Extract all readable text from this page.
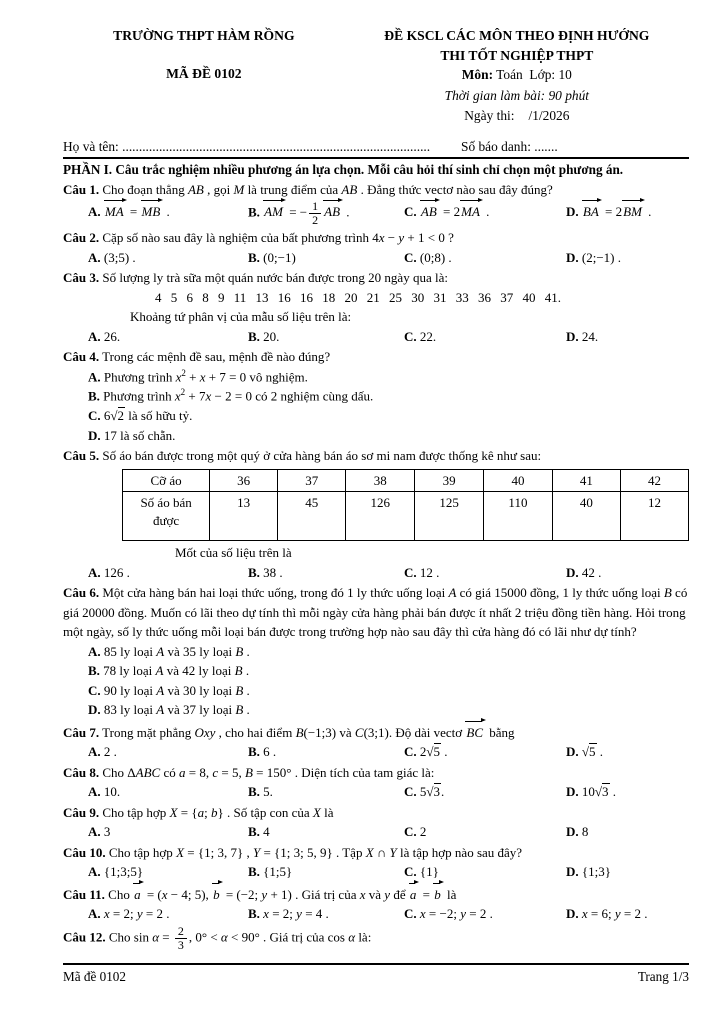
TRƯỜNG THPT HÀM RỒNG
MÃ ĐỀ 0102
ĐỀ KSCL CÁC MÔN THEO ĐỊNH HƯỚNG
THI TỐT NGHIỆP THPT
Môn: Toán  Lớp: 10
Thời gian làm bài: 90 phút
Ngày thi: /1/2026
Họ và tên: ............................................................................................	Số báo danh: .......
PHẦN I. Câu trắc nghiệm nhiều phương án lựa chọn. Mỗi câu hỏi thí sinh chỉ chọn một phương án.
Câu 1. Cho đoạn thẳng AB , gọi M là trung điểm của AB . Đẳng thức vectơ nào sau đây đúng?
A. MA = MB .	B. AM = − $\frac{1}{2}$ AB .	C. AB = 2MA .	D. BA = 2BM .
Câu 2. Cặp số nào sau đây là nghiệm của bất phương trình 4x − y + 1 < 0 ?
A. (3;5) .	B. (0;−1)	C. (0;8) .	D. (2;−1) .
Câu 3. Số lượng ly trà sữa một quán nước bán được trong 20 ngày qua là:
4 5 6 8 9 11 13 16 16 18 20 21 25 30 31 33 36 37 40 41.
Khoảng tứ phân vị của mẫu số liệu trên là:
A. 26.	B. 20.	C. 22.	D. 24.
Câu 4. Trong các mệnh đề sau, mệnh đề nào đúng?
A. Phương trình $x^2 + x + 7 = 0$ vô nghiệm.
B. Phương trình $x^2 + 7x - 2 = 0$ có 2 nghiệm cùng dấu.
C. 6 √ 2 là số hữu tỷ.
D. 17 là số chẵn.
Câu 5. Số áo bán được trong một quý ở cửa hàng bán áo sơ mi nam được thống kê như sau:
Cỡ áo	36	37	38	39	40	41	42
Số áo bán được	13	45	126	125	110	40	12
Mốt của số liệu trên là
A. 126 .	B. 38 .	C. 12 .	D. 42 .
Câu 6. Một cửa hàng bán hai loại thức uống, trong đó 1 ly thức uống loại A có giá 15000 đồng, 1 ly thức uống loại B có giá 20000 đồng. Muốn có lãi theo dự tính thì mỗi ngày cửa hàng phải bán được ít nhất 2 triệu đồng tiền hàng. Hỏi trong một ngày, số ly thức uống mỗi loại bán được trong trường hợp nào sau đây thì cửa hàng đó có lãi như dự tính?
A. 85 ly loại A và 35 ly loại B .
B. 78 ly loại A và 42 ly loại B .
C. 90 ly loại A và 30 ly loại B .
D. 83 ly loại A và 37 ly loại B .
Câu 7. Trong mặt phẳng Oxy , cho hai điểm B(−1;3) và C(3;1). Độ dài vectơ BC bằng
A. 2 .	B. 6 .	C. 2 √ 5 .	D. √ 5 .
Câu 8. Cho ΔABC có a = 8, c = 5, B = 150° . Diện tích của tam giác là:
A. 10.	B. 5.	C. 5 √ 3.	D. 10 √ 3 .
Câu 9. Cho tập hợp X = {a; b} . Số tập con của X là
A. 3	B. 4	C. 2	D. 8
Câu 10. Cho tập hợp X = {1; 3, 7} , Y = {1; 3; 5, 9} . Tập X ∩ Y là tập hợp nào sau đây?
A. {1;3;5}	B. {1;5}	C. {1}	D. {1;3}
Câu 11. Cho a = (x − 4; 5), b = (−2; y + 1) . Giá trị của x và y để a = b là
A. x = 2; y = 2 .	B. x = 2; y = 4 .	C. x = −2; y = 2 .	D. x = 6; y = 2 .
Câu 12. Cho $\sin \alpha = \frac{2}{3}$ , 0° < α < 90° . Giá trị của cos α là:
Mã đề 0102	Trang 1/3
